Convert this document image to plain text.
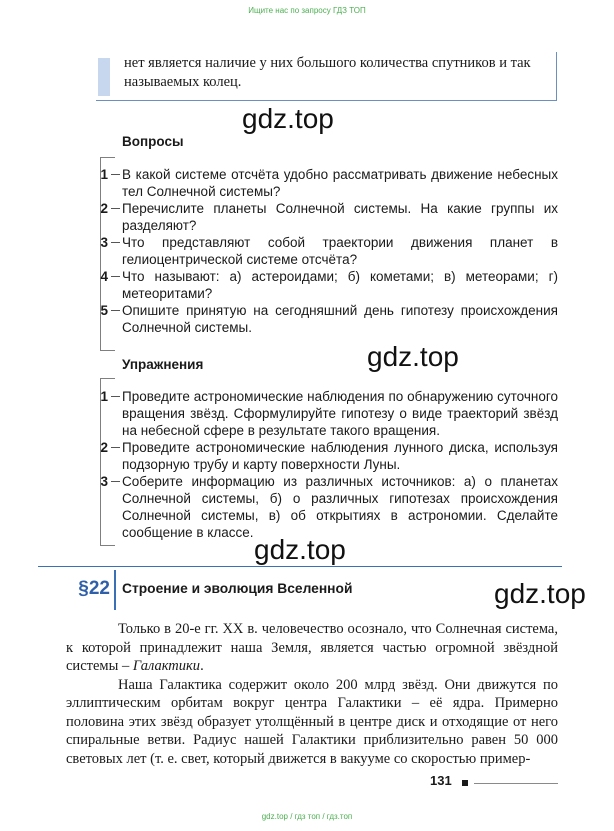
Ищите нас по запросу ГДЗ ТОП
нет является наличие у них большого количества спутников и так называемых колец.
gdz.top
Вопросы
1 В какой системе отсчёта удобно рассматривать движение небесных тел Солнечной системы?
2 Перечислите планеты Солнечной системы. На какие группы их разделяют?
3 Что представляют собой траектории движения планет в гелиоцентрической системе отсчёта?
4 Что называют: а) астероидами; б) кометами; в) метеорами; г) метеоритами?
5 Опишите принятую на сегодняшний день гипотезу происхождения Солнечной системы.
gdz.top
Упражнения
1 Проведите астрономические наблюдения по обнаружению суточного вращения звёзд. Сформулируйте гипотезу о виде траекторий звёзд на небесной сфере в результате такого вращения.
2 Проведите астрономические наблюдения лунного диска, используя подзорную трубу и карту поверхности Луны.
3 Соберите информацию из различных источников: а) о планетах Солнечной системы, б) о различных гипотезах происхождения Солнечной системы, в) об открытиях в астрономии. Сделайте сообщение в классе.
gdz.top
§22 Строение и эволюция Вселенной	gdz.top

Только в 20-е гг. XX в. человечество осознало, что Солнечная система, к которой принадлежит наша Земля, является частью огромной звёздной системы – Галактики.

Наша Галактика содержит около 200 млрд звёзд. Они движутся по эллиптическим орбитам вокруг центра Галактики – её ядра. Примерно половина этих звёзд образует утолщённый в центре диск и отходящие от него спиральные ветви. Радиус нашей Галактики приблизительно равен 50 000 световых лет (т. е. свет, который движется в вакууме со скоростью пример-

131
gdz.top / гдз топ / гдз.топ
